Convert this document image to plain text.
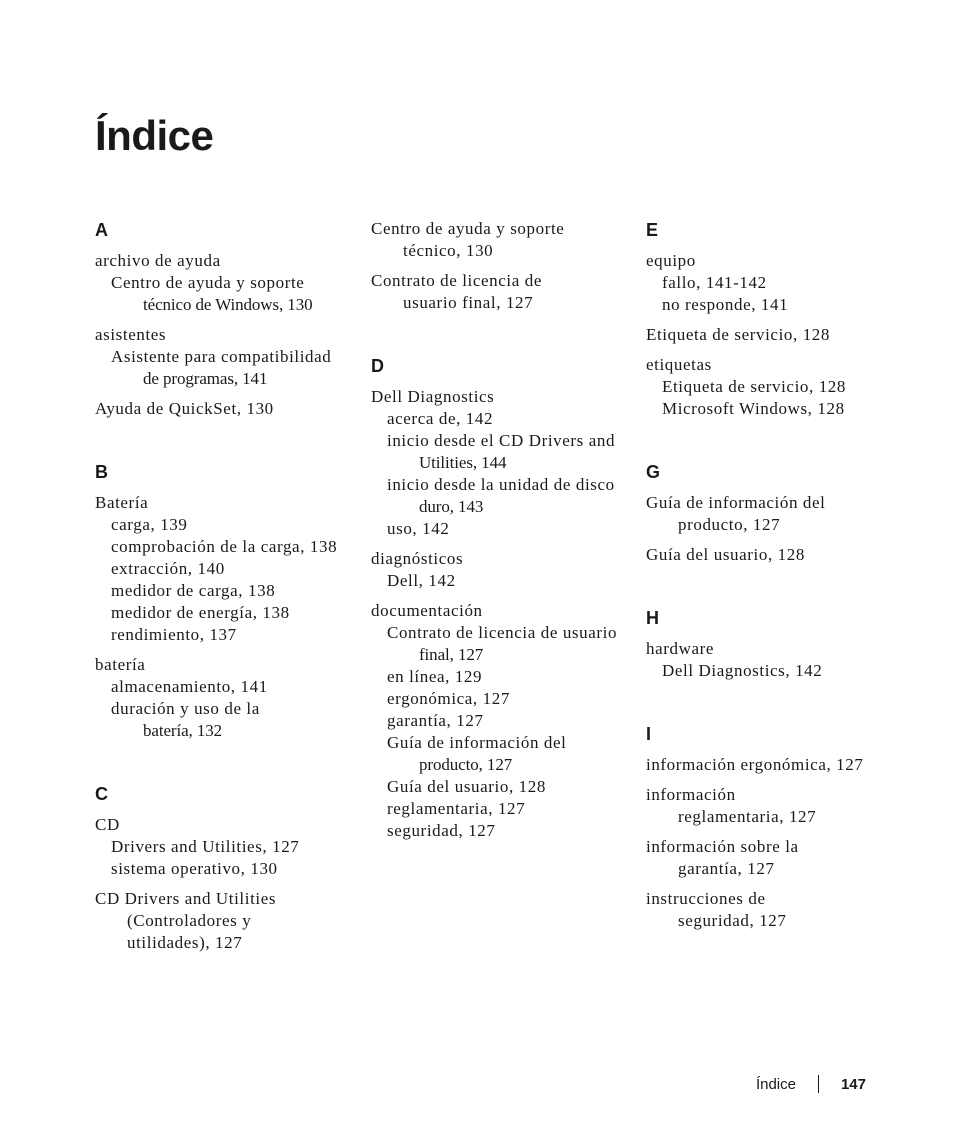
Índice
A
archivo de ayuda
Centro de ayuda y soporte
técnico de Windows, 130
asistentes
Asistente para compatibilidad
de programas, 141
Ayuda de QuickSet, 130
B
Batería
carga, 139
comprobación de la carga, 138
extracción, 140
medidor de carga, 138
medidor de energía, 138
rendimiento, 137
batería
almacenamiento, 141
duración y uso de la
batería, 132
C
CD
Drivers and Utilities, 127
sistema operativo, 130
CD Drivers and Utilities
(Controladores y
utilidades), 127
Centro de ayuda y soporte
técnico, 130
Contrato de licencia de
usuario final, 127
D
Dell Diagnostics
acerca de, 142
inicio desde el CD Drivers and
Utilities, 144
inicio desde la unidad de disco
duro, 143
uso, 142
diagnósticos
Dell, 142
documentación
Contrato de licencia de usuario
final, 127
en línea, 129
ergonómica, 127
garantía, 127
Guía de información del
producto, 127
Guía del usuario, 128
reglamentaria, 127
seguridad, 127
E
equipo
fallo, 141-142
no responde, 141
Etiqueta de servicio, 128
etiquetas
Etiqueta de servicio, 128
Microsoft Windows, 128
G
Guía de información del
producto, 127
Guía del usuario, 128
H
hardware
Dell Diagnostics, 142
I
información ergonómica, 127
información
reglamentaria, 127
información sobre la
garantía, 127
instrucciones de
seguridad, 127
Índice	147
